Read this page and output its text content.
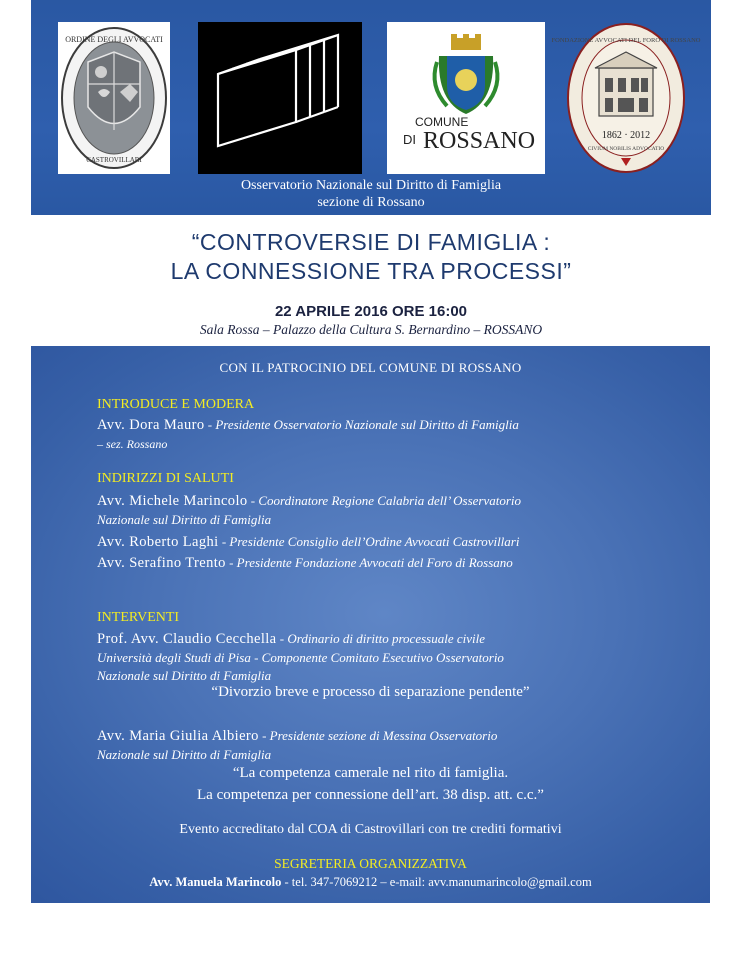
ORDINE DEGLI AVVOCATI
CASTROVILLARI
COMUNE
DI ROSSANO
FONDAZIONE AVVOCATI DEL FORO DI ROSSANO
1862 · 2012
CIVIUM NOBILIS ADVOCATIO
Osservatorio Nazionale sul Diritto di Famiglia
sezione di Rossano
“CONTROVERSIE DI FAMIGLIA :
LA CONNESSIONE TRA PROCESSI”
22 APRILE 2016 ORE 16:00
Sala Rossa – Palazzo della Cultura S. Bernardino – ROSSANO
CON IL PATROCINIO DEL COMUNE DI ROSSANO
INTRODUCE E MODERA
Avv. Dora Mauro - Presidente Osservatorio Nazionale sul Diritto di Famiglia
– sez. Rossano
INDIRIZZI DI SALUTI
Avv. Michele Marincolo - Coordinatore Regione Calabria dell’ Osservatorio
Nazionale sul Diritto di Famiglia
Avv. Roberto Laghi - Presidente Consiglio dell’Ordine Avvocati Castrovillari
Avv. Serafino Trento - Presidente Fondazione Avvocati del Foro di Rossano
INTERVENTI
Prof. Avv. Claudio Cecchella - Ordinario di diritto processuale civile
Università degli Studi di Pisa - Componente Comitato Esecutivo Osservatorio
Nazionale sul Diritto di Famiglia
“Divorzio breve e processo di separazione pendente”
Avv. Maria Giulia Albiero - Presidente sezione di Messina Osservatorio
Nazionale sul Diritto di Famiglia
“La competenza camerale nel rito di famiglia.
La competenza per connessione dell’art. 38 disp. att. c.c.”
Evento accreditato dal COA di Castrovillari con tre crediti formativi
SEGRETERIA ORGANIZZATIVA
Avv. Manuela Marincolo - tel. 347-7069212 – e-mail: avv.manumarincolo@gmail.com
